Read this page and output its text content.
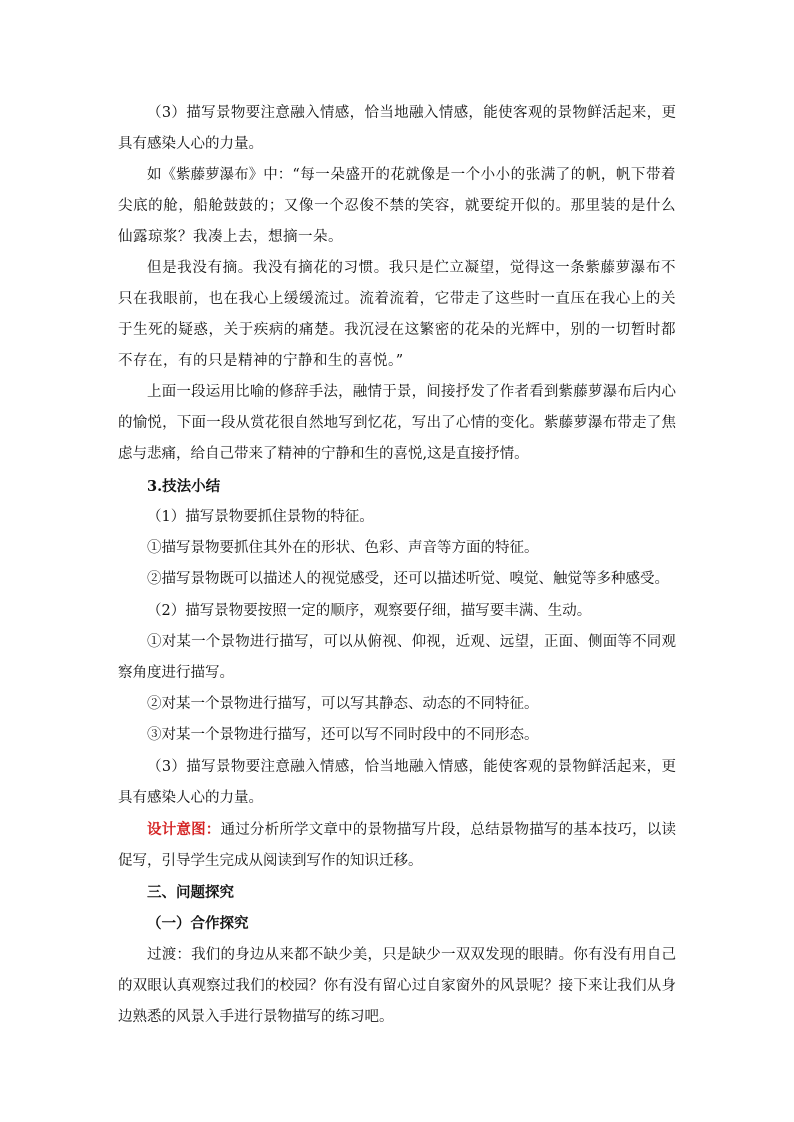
（3）描写景物要注意融入情感，恰当地融入情感，能使客观的景物鲜活起来，更具有感染人心的力量。

如《紫藤萝瀑布》中：“每一朵盛开的花就像是一个小小的张满了的帆，帆下带着尖底的舱，船舱鼓鼓的；又像一个忍俊不禁的笑容，就要绽开似的。那里装的是什么仙露琼浆？我凑上去，想摘一朵。

但是我没有摘。我没有摘花的习惯。我只是伫立凝望，觉得这一条紫藤萝瀑布不只在我眼前，也在我心上缓缓流过。流着流着，它带走了这些时一直压在我心上的关于生死的疑惑，关于疾病的痛楚。我沉浸在这繁密的花朵的光辉中，别的一切暂时都不存在，有的只是精神的宁静和生的喜悦。”

上面一段运用比喻的修辞手法，融情于景，间接抒发了作者看到紫藤萝瀑布后内心的愉悦，下面一段从赏花很自然地写到忆花，写出了心情的变化。紫藤萝瀑布带走了焦虑与悲痛，给自己带来了精神的宁静和生的喜悦,这是直接抒情。

3.技法小结

（1）描写景物要抓住景物的特征。

①描写景物要抓住其外在的形状、色彩、声音等方面的特征。

②描写景物既可以描述人的视觉感受，还可以描述听觉、嗅觉、触觉等多种感受。

（2）描写景物要按照一定的顺序，观察要仔细，描写要丰满、生动。

①对某一个景物进行描写，可以从俯视、仰视，近观、远望，正面、侧面等不同观察角度进行描写。

②对某一个景物进行描写，可以写其静态、动态的不同特征。

③对某一个景物进行描写，还可以写不同时段中的不同形态。

（3）描写景物要注意融入情感，恰当地融入情感，能使客观的景物鲜活起来，更具有感染人心的力量。

设计意图：通过分析所学文章中的景物描写片段，总结景物描写的基本技巧，以读促写，引导学生完成从阅读到写作的知识迁移。

三、问题探究

（一）合作探究

过渡：我们的身边从来都不缺少美，只是缺少一双双发现的眼睛。你有没有用自己的双眼认真观察过我们的校园？你有没有留心过自家窗外的风景呢？接下来让我们从身边熟悉的风景入手进行景物描写的练习吧。
